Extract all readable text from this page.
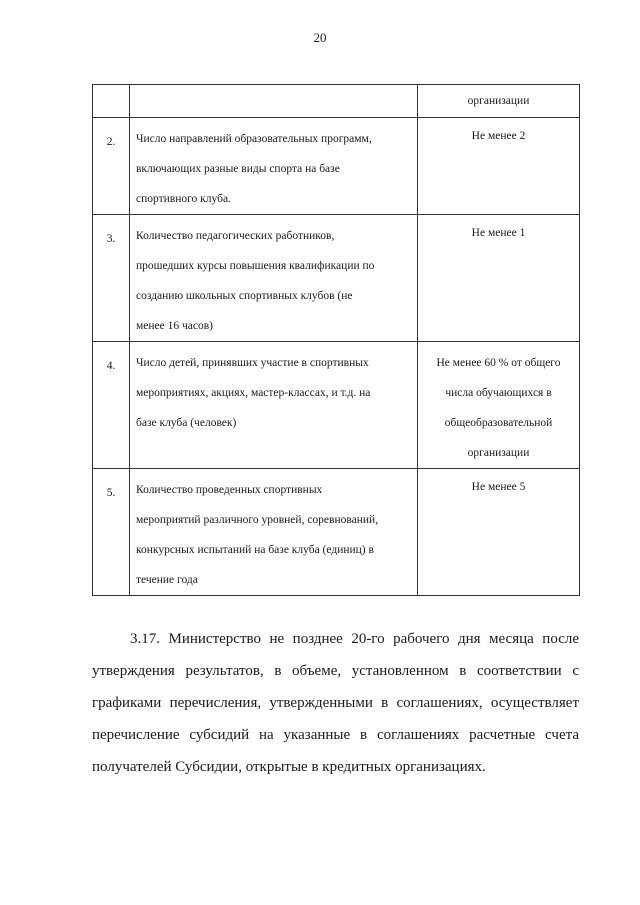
20

		организации

2.	Число направлений образовательных программ,
включающих разные виды спорта на базе
спортивного клуба.	Не менее 2

3.	Количество педагогических работников,
прошедших курсы повышения квалификации по
созданию школьных спортивных клубов (не
менее 16 часов)	Не менее 1

4.	Число детей, принявших участие в спортивных
мероприятиях, акциях, мастер-классах, и т.д. на
базе клуба (человек)	Не менее 60 % от общего
числа обучающихся в
общеобразовательной
организации

5.	Количество проведенных спортивных
мероприятий различного уровней, соревнований,
конкурсных испытаний на базе клуба (единиц) в
течение года	Не менее 5
3.17. Министерство не позднее 20-го рабочего дня месяца после
утверждения результатов, в объеме, установленном в соответствии с
графиками перечисления, утвержденными в соглашениях, осуществляет
перечисление субсидий на указанные в соглашениях расчетные счета
получателей Субсидии, открытые в кредитных организациях.
